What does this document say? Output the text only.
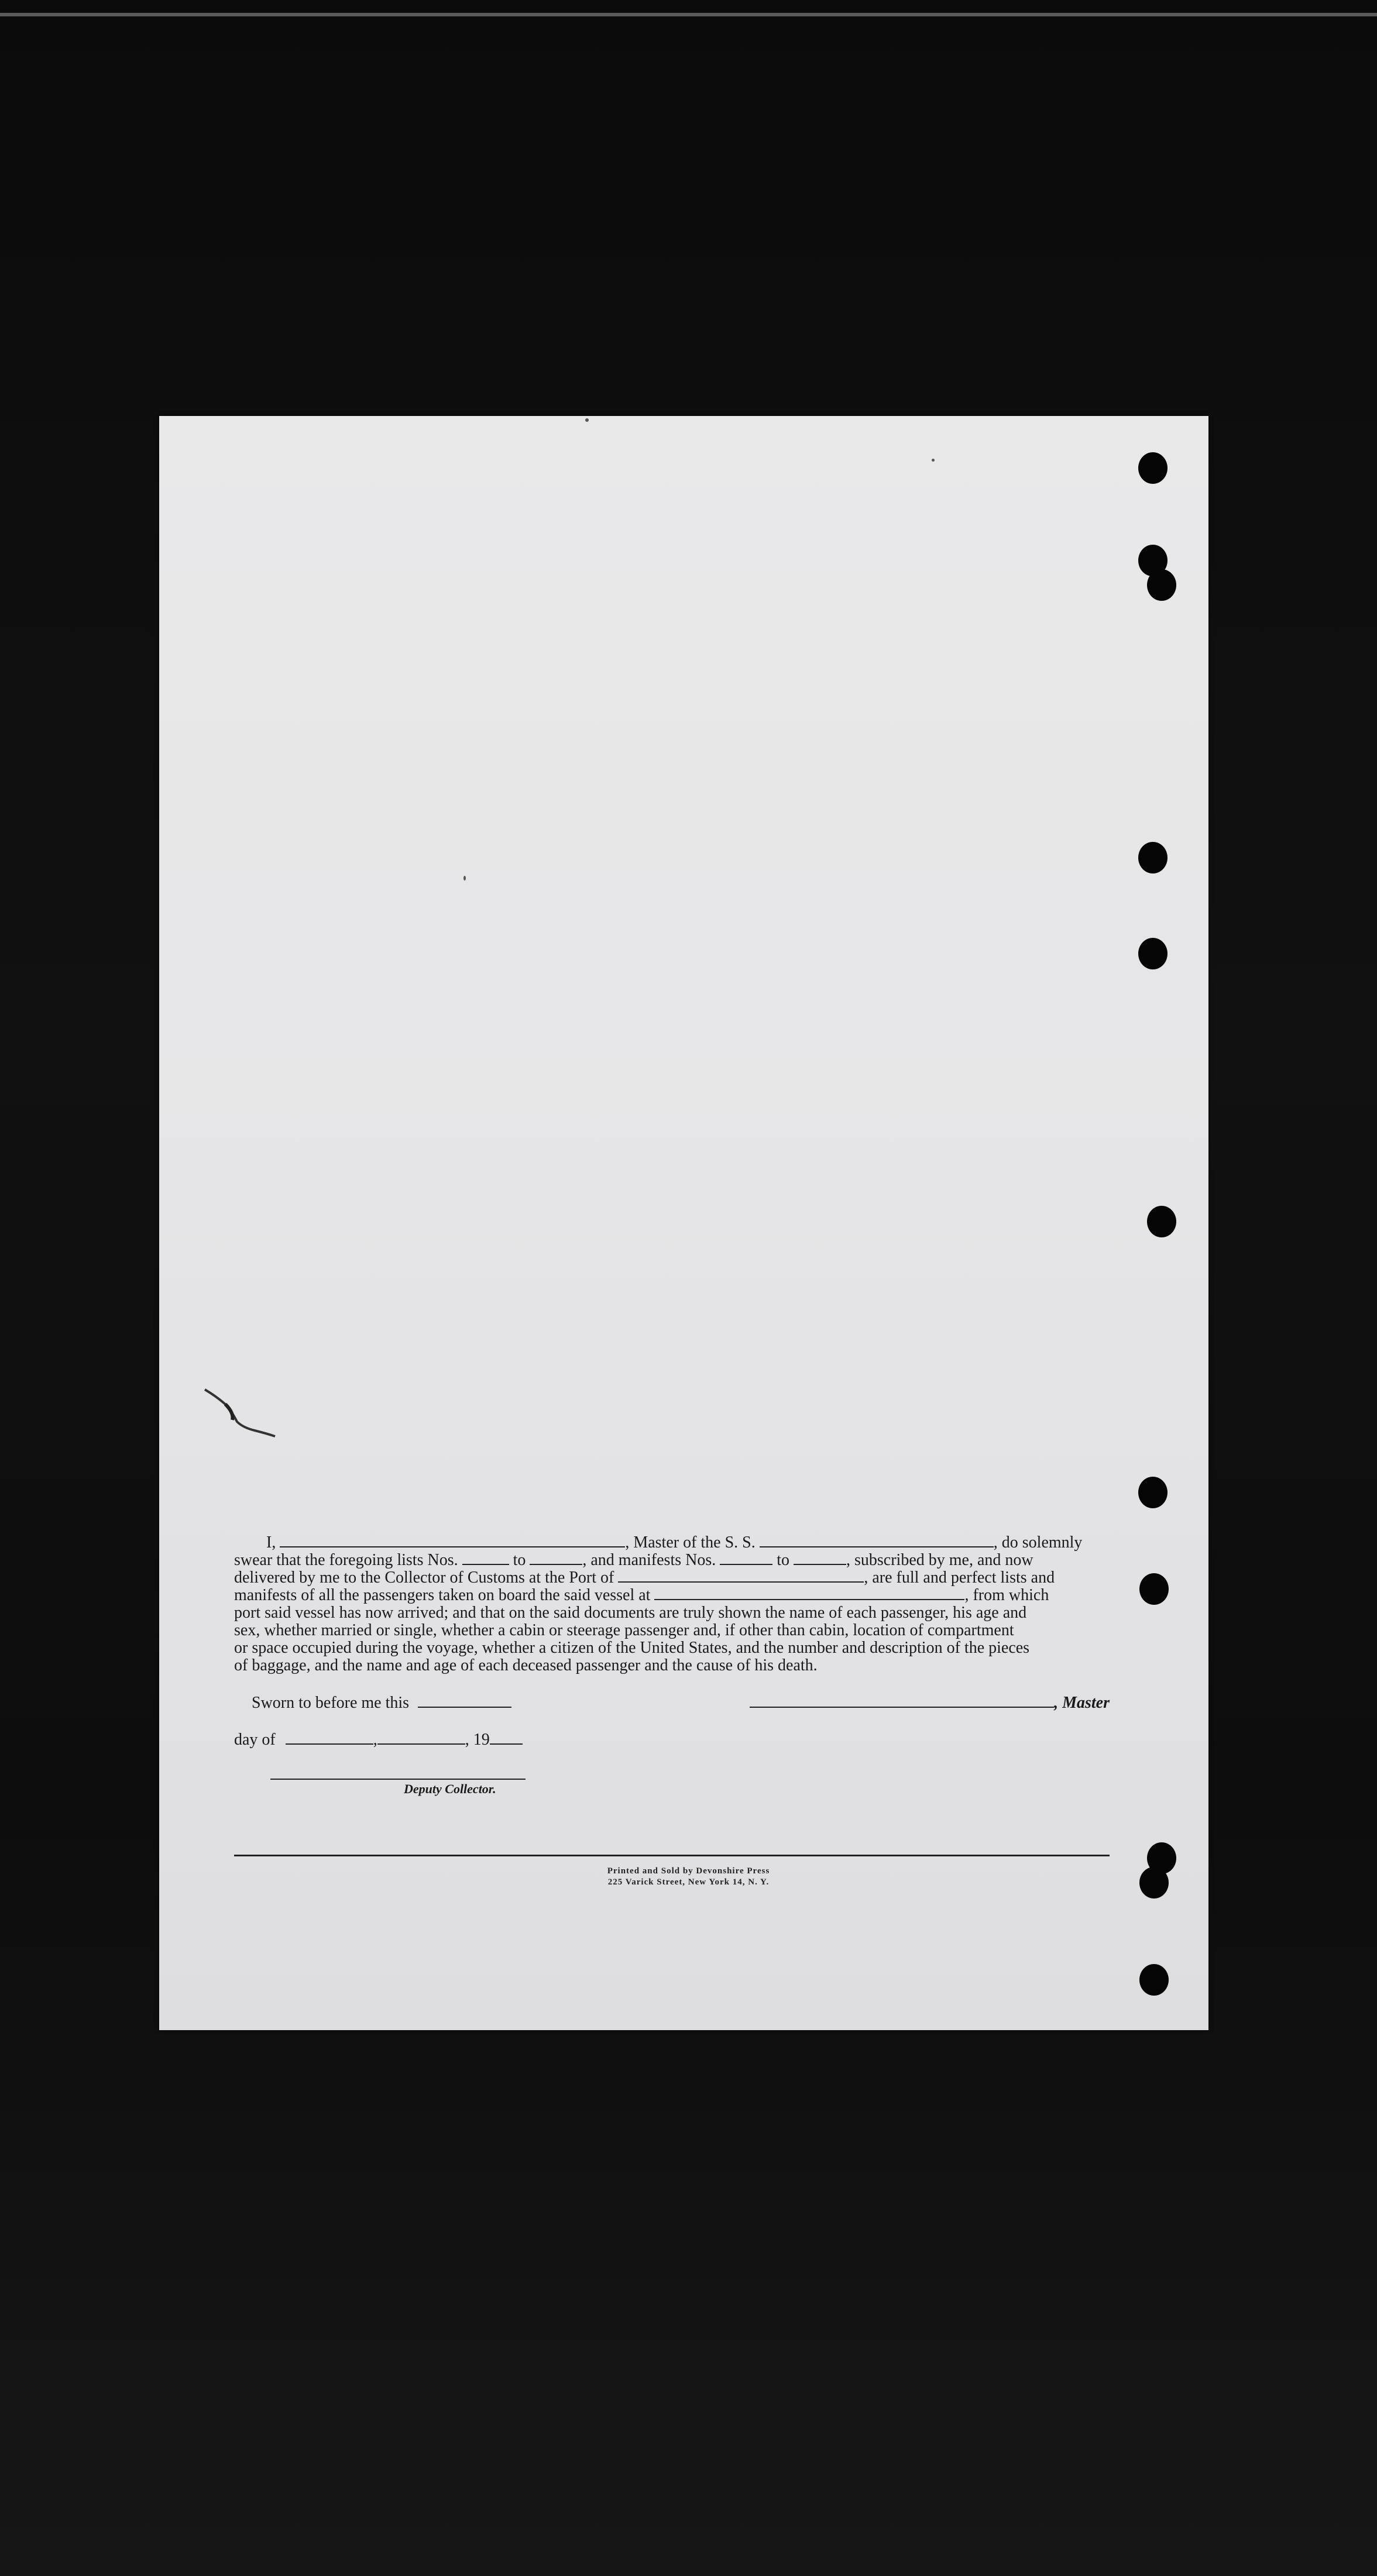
I,	, Master of the S. S.	, do solemnly
swear that the foregoing lists Nos.	to	, and manifests Nos.	to	, subscribed by me, and now
delivered by me to the Collector of Customs at the Port of	, are full and perfect lists and
manifests of all the passengers taken on board the said vessel at	, from which
port said vessel has now arrived; and that on the said documents are truly shown the name of each passenger, his age and
sex, whether married or single, whether a cabin or steerage passenger and, if other than cabin, location of compartment
or space occupied during the voyage, whether a citizen of the United States, and the number and description of the pieces
of baggage, and the name and age of each deceased passenger and the cause of his death.
Sworn to before me this	, Master
day of	,	, 19
Deputy Collector.
Printed and Sold by Devonshire Press
225 Varick Street, New York 14, N. Y.
